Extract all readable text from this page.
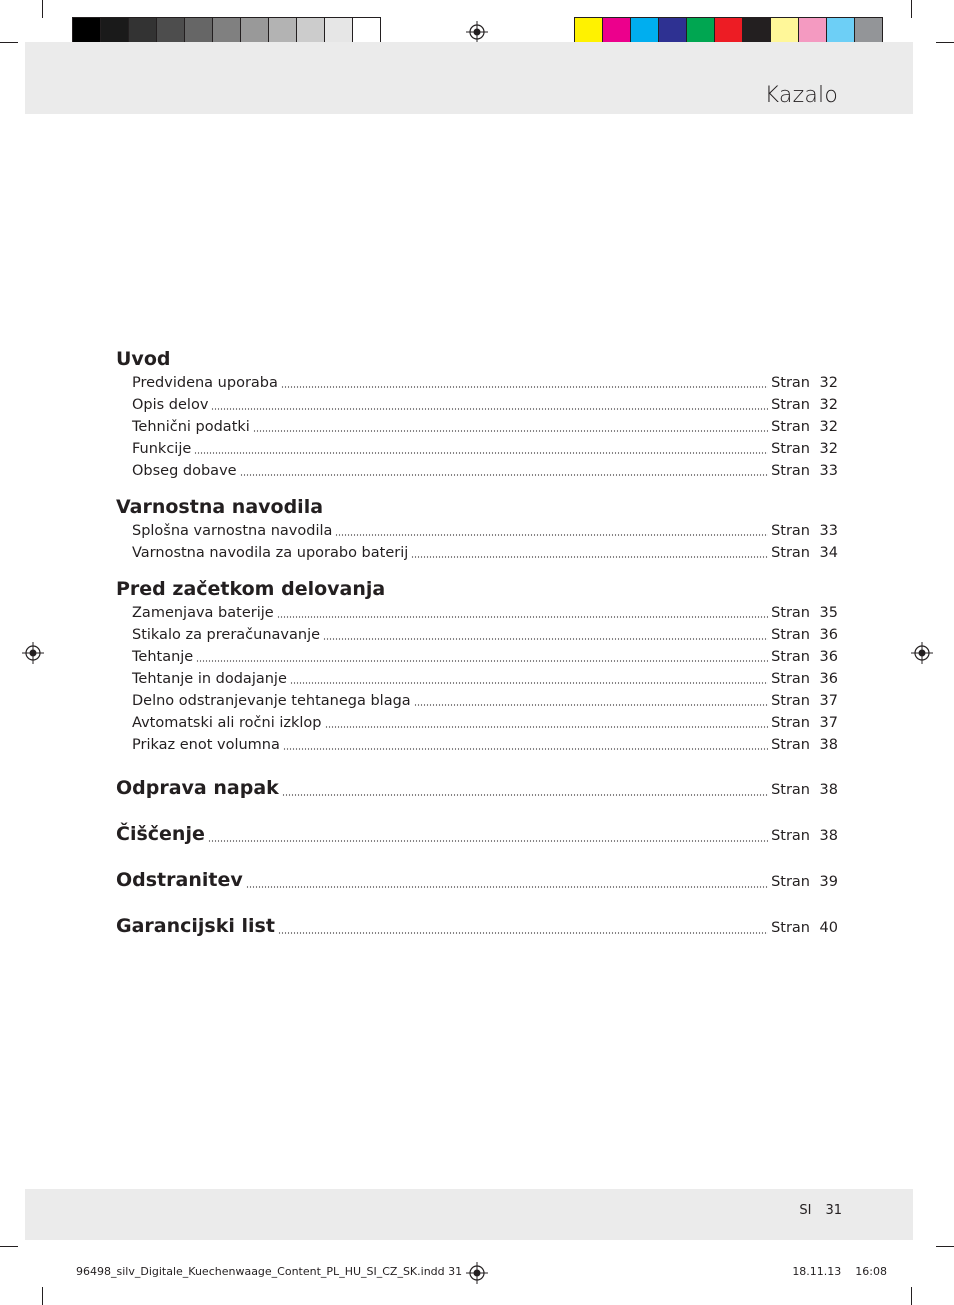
Kazalo
Uvod
Predvidena uporaba	Stran 32
Opis delov	Stran 32
Tehnični podatki	Stran 32
Funkcije	Stran 32
Obseg dobave	Stran 33
Varnostna navodila
Splošna varnostna navodila	Stran 33
Varnostna navodila za uporabo baterij	Stran 34
Pred začetkom delovanja
Zamenjava baterije	Stran 35
Stikalo za preračunavanje	Stran 36
Tehtanje	Stran 36
Tehtanje in dodajanje	Stran 36
Delno odstranjevanje tehtanega blaga	Stran 37
Avtomatski ali ročni izklop	Stran 37
Prikaz enot volumna	Stran 38
Odprava napak	Stran 38
Čiščenje	Stran 38
Odstranitev	Stran 39
Garancijski list	Stran 40
SI 31
96498_silv_Digitale_Kuechenwaage_Content_PL_HU_SI_CZ_SK.indd 31	18.11.13 16:08
